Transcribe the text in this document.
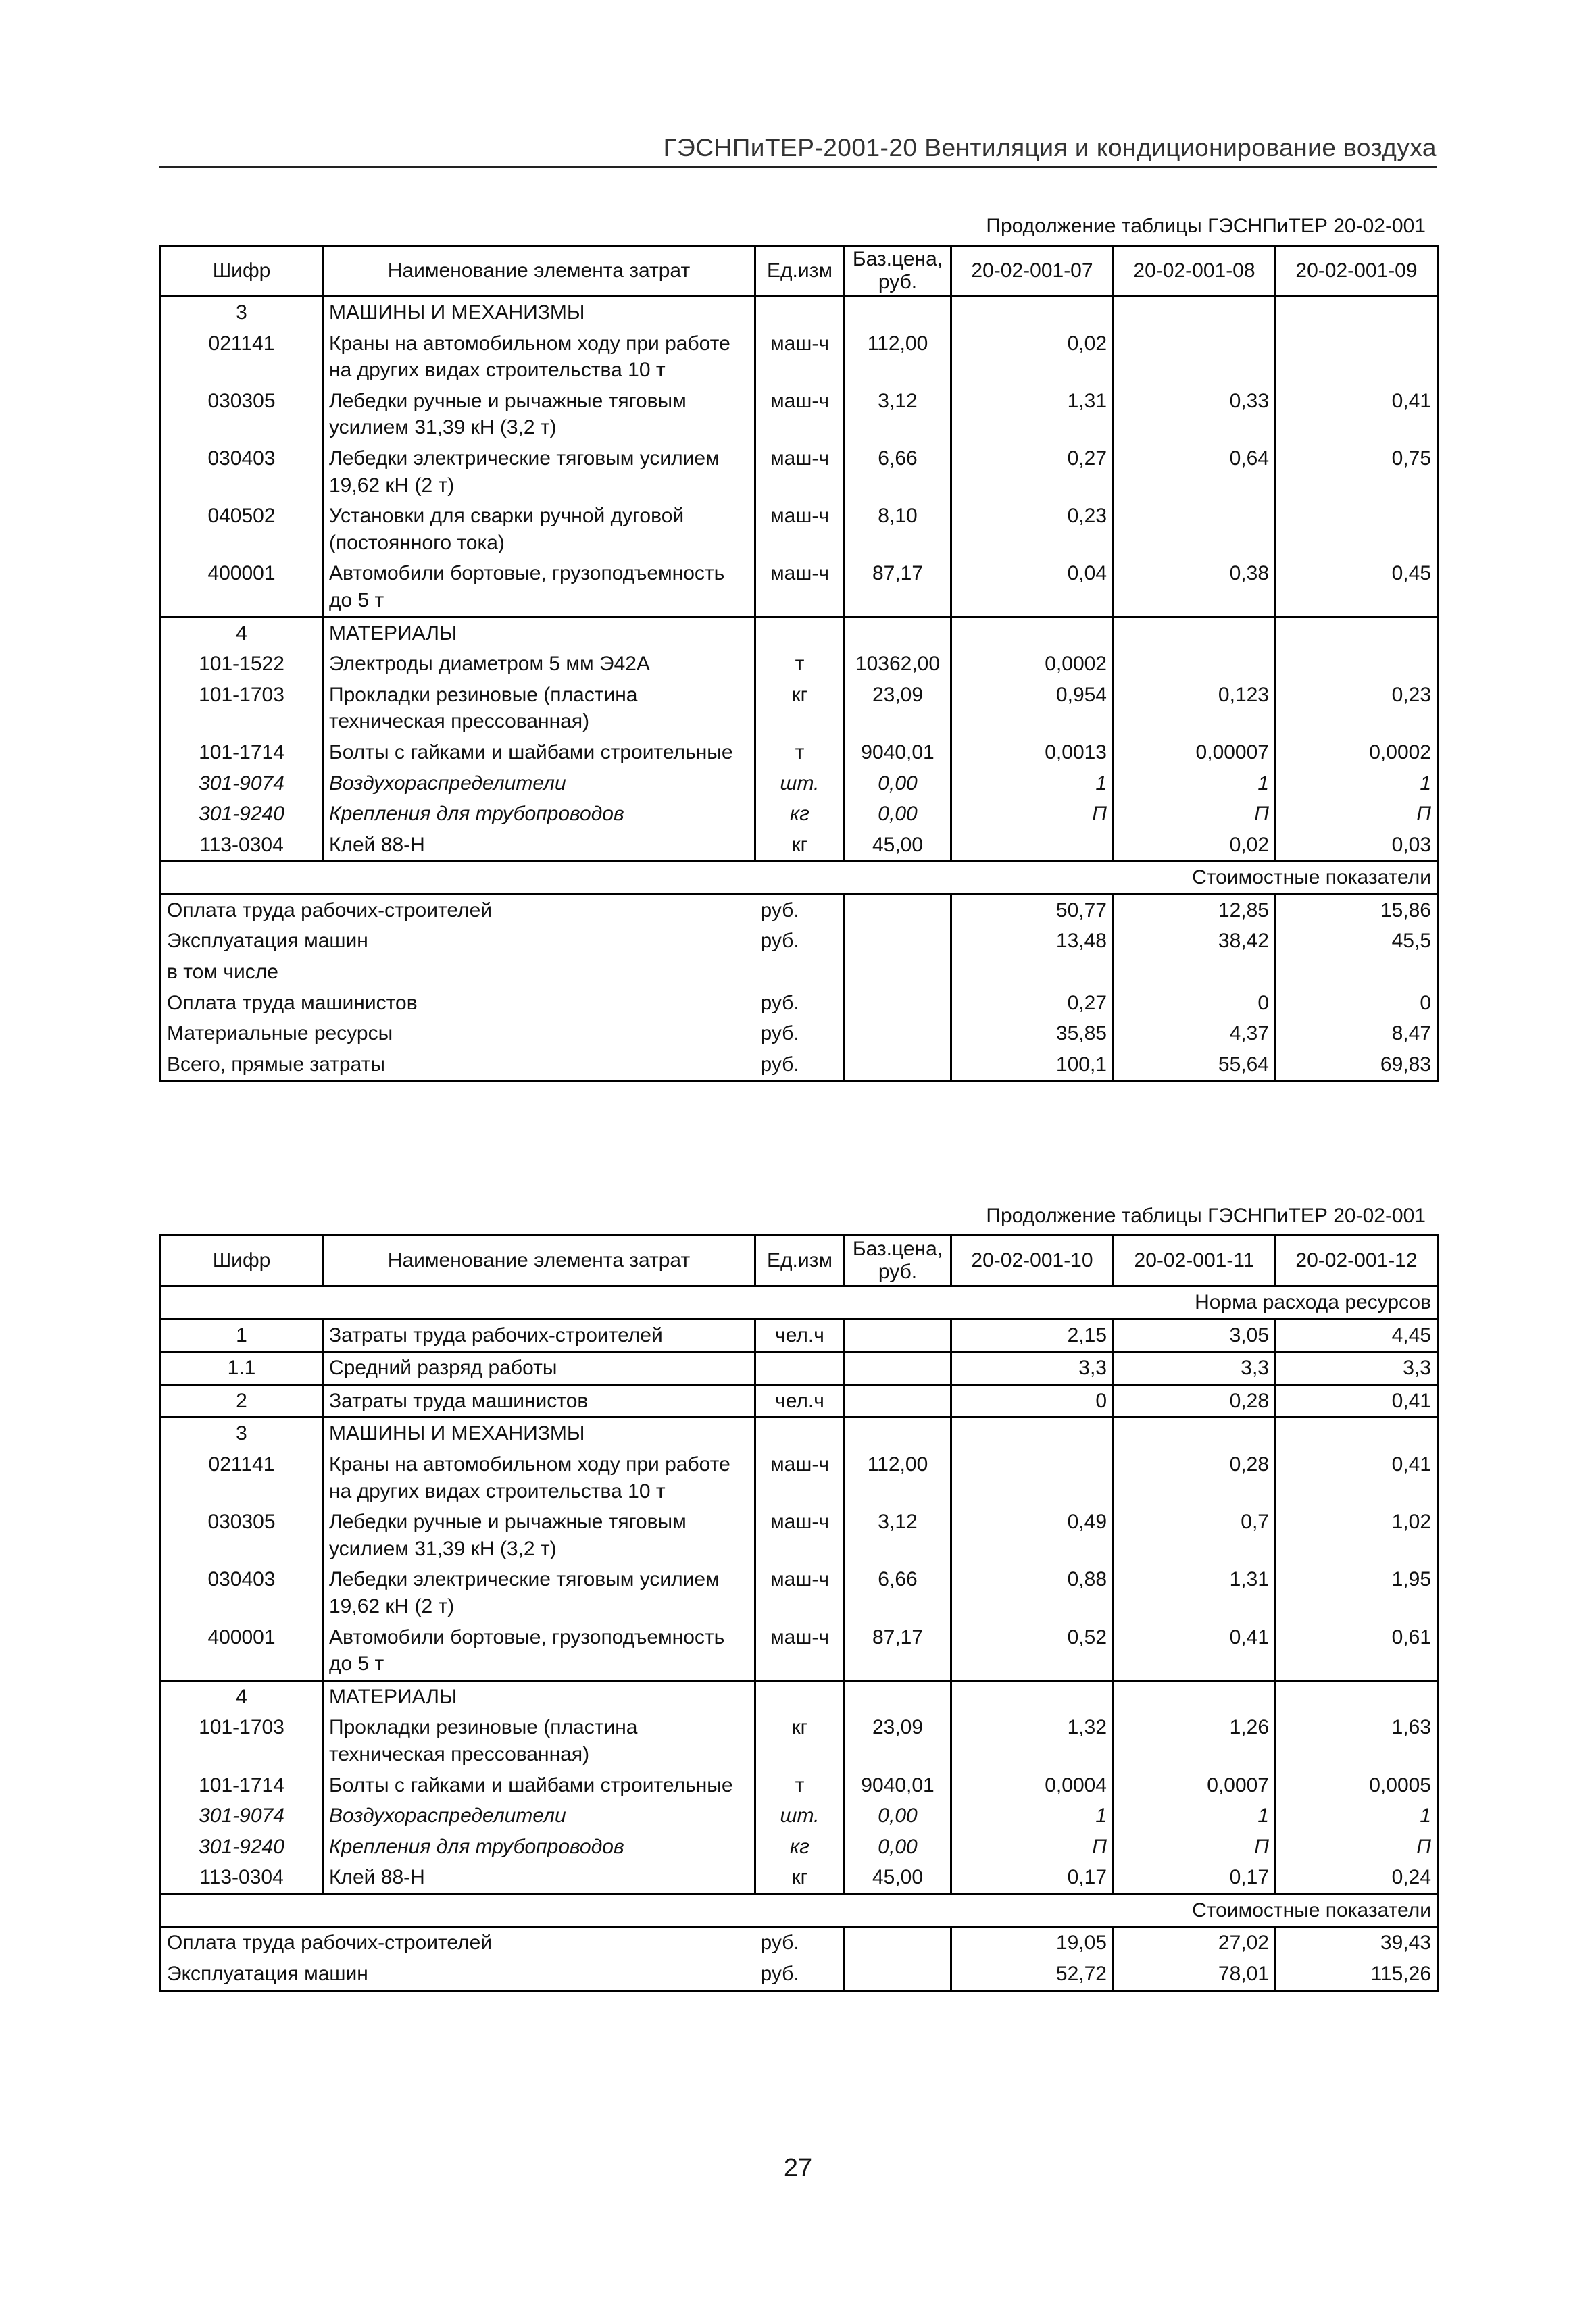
ГЭСНПиТЕР-2001-20 Вентиляция и кондиционирование воздуха
Продолжение таблицы ГЭСНПиТЕР 20-02-001
Шифр	Наименование элемента затрат	Ед.изм	Баз.цена, руб.	20-02-001-07	20-02-001-08	20-02-001-09
3	МАШИНЫ И МЕХАНИЗМЫ					
021141	Краны на автомобильном ходу при работе на других видах строительства 10 т	маш-ч	112,00	0,02		
030305	Лебедки ручные и рычажные тяговым усилием 31,39 кН (3,2 т)	маш-ч	3,12	1,31	0,33	0,41
030403	Лебедки электрические тяговым усилием 19,62 кН (2 т)	маш-ч	6,66	0,27	0,64	0,75
040502	Установки для сварки ручной дуговой (постоянного тока)	маш-ч	8,10	0,23		
400001	Автомобили бортовые, грузоподъемность до 5 т	маш-ч	87,17	0,04	0,38	0,45
4	МАТЕРИАЛЫ					
101-1522	Электроды диаметром 5 мм Э42А	т	10362,00	0,0002		
101-1703	Прокладки резиновые (пластина техническая прессованная)	кг	23,09	0,954	0,123	0,23
101-1714	Болты с гайками и шайбами строительные	т	9040,01	0,0013	0,00007	0,0002
301-9074	Воздухораспределители	шт.	0,00	1	1	1
301-9240	Крепления для трубопроводов	кг	0,00	П	П	П
113-0304	Клей 88-Н	кг	45,00		0,02	0,03
Стоимостные показатели						
Оплата труда рабочих-строителей		руб.		50,77	12,85	15,86
Эксплуатация машин		руб.		13,48	38,42	45,5
в том числе						
Оплата труда машинистов		руб.		0,27	0	0
Материальные ресурсы		руб.		35,85	4,37	8,47
Всего, прямые затраты		руб.		100,1	55,64	69,83
Продолжение таблицы ГЭСНПиТЕР 20-02-001
Шифр	Наименование элемента затрат	Ед.изм	Баз.цена, руб.	20-02-001-10	20-02-001-11	20-02-001-12
Норма расхода ресурсов						
1	Затраты труда рабочих-строителей	чел.ч		2,15	3,05	4,45
1.1	Средний разряд работы			3,3	3,3	3,3
2	Затраты труда машинистов	чел.ч		0	0,28	0,41
3	МАШИНЫ И МЕХАНИЗМЫ					
021141	Краны на автомобильном ходу при работе на других видах строительства 10 т	маш-ч	112,00		0,28	0,41
030305	Лебедки ручные и рычажные тяговым усилием 31,39 кН (3,2 т)	маш-ч	3,12	0,49	0,7	1,02
030403	Лебедки электрические тяговым усилием 19,62 кН (2 т)	маш-ч	6,66	0,88	1,31	1,95
400001	Автомобили бортовые, грузоподъемность до 5 т	маш-ч	87,17	0,52	0,41	0,61
4	МАТЕРИАЛЫ					
101-1703	Прокладки резиновые (пластина техническая прессованная)	кг	23,09	1,32	1,26	1,63
101-1714	Болты с гайками и шайбами строительные	т	9040,01	0,0004	0,0007	0,0005
301-9074	Воздухораспределители	шт.	0,00	1	1	1
301-9240	Крепления для трубопроводов	кг	0,00	П	П	П
113-0304	Клей 88-Н	кг	45,00	0,17	0,17	0,24
Стоимостные показатели						
Оплата труда рабочих-строителей		руб.		19,05	27,02	39,43
Эксплуатация машин		руб.		52,72	78,01	115,26
27
